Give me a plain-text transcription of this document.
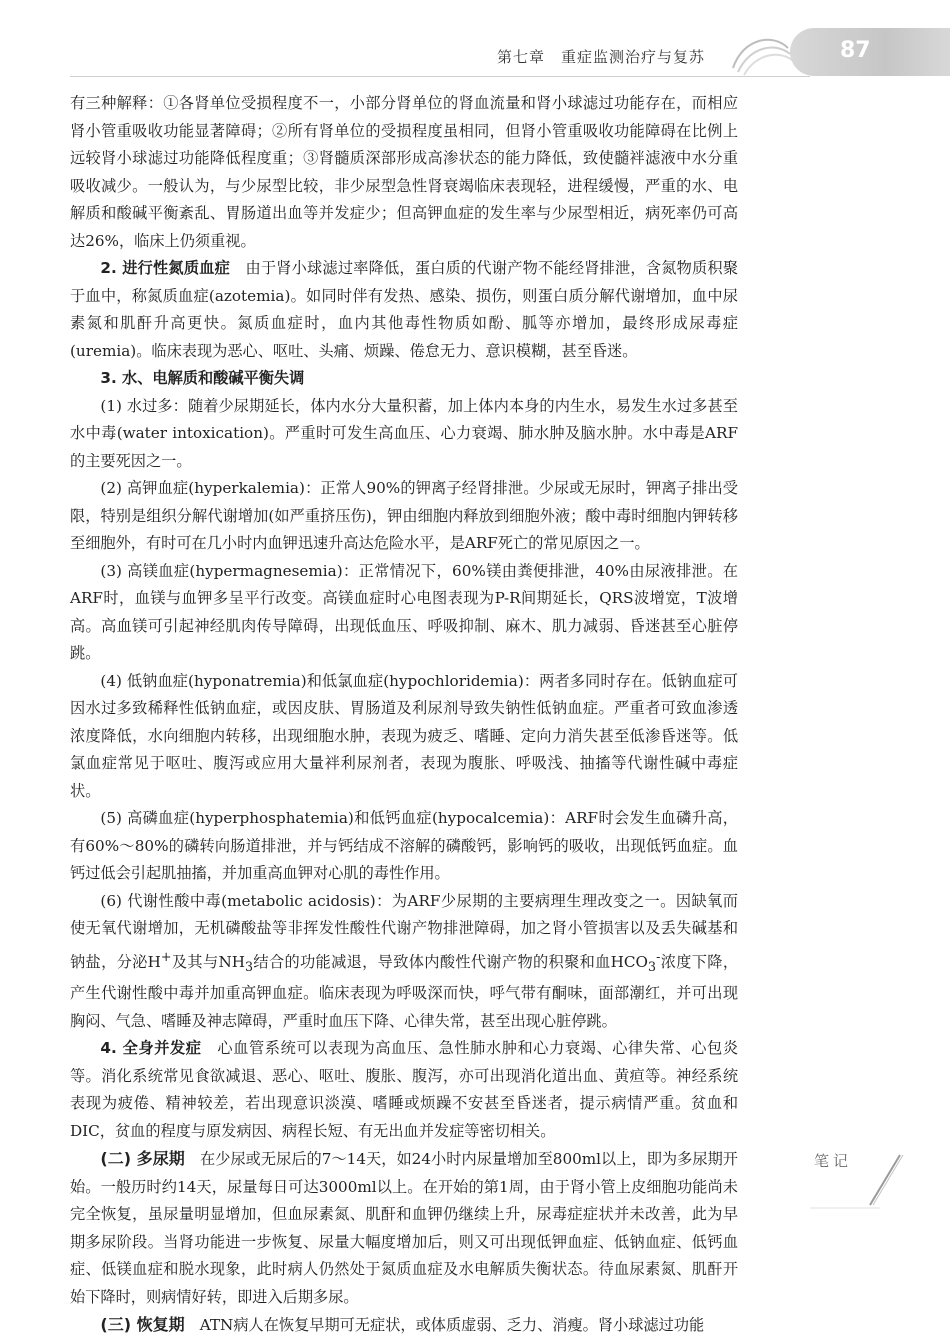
87
第七章　重症监测治疗与复苏

有三种解释：①各肾单位受损程度不一，小部分肾单位的肾血流量和肾小球滤过功能存在，而相应肾小管重吸收功能显著障碍；②所有肾单位的受损程度虽相同，但肾小管重吸收功能障碍在比例上远较肾小球滤过功能降低程度重；③肾髓质深部形成高渗状态的能力降低，致使髓袢滤液中水分重吸收减少。一般认为，与少尿型比较，非少尿型急性肾衰竭临床表现轻，进程缓慢，严重的水、电解质和酸碱平衡紊乱、胃肠道出血等并发症少；但高钾血症的发生率与少尿型相近，病死率仍可高达26%，临床上仍须重视。

2. 进行性氮质血症　 由于肾小球滤过率降低，蛋白质的代谢产物不能经肾排泄，含氮物质积聚于血中，称氮质血症(azotemia)。如同时伴有发热、感染、损伤，则蛋白质分解代谢增加，血中尿素氮和肌酐升高更快。氮质血症时，血内其他毒性物质如酚、胍等亦增加，最终形成尿毒症(uremia)。临床表现为恶心、呕吐、头痛、烦躁、倦怠无力、意识模糊，甚至昏迷。

3. 水、电解质和酸碱平衡失调

(1) 水过多：随着少尿期延长，体内水分大量积蓄，加上体内本身的内生水，易发生水过多甚至水中毒(water intoxication)。严重时可发生高血压、心力衰竭、肺水肿及脑水肿。水中毒是ARF的主要死因之一。

(2) 高钾血症(hyperkalemia)：正常人90%的钾离子经肾排泄。少尿或无尿时，钾离子排出受限，特别是组织分解代谢增加(如严重挤压伤)，钾由细胞内释放到细胞外液；酸中毒时细胞内钾转移至细胞外，有时可在几小时内血钾迅速升高达危险水平，是ARF死亡的常见原因之一。

(3) 高镁血症(hypermagnesemia)：正常情况下，60%镁由粪便排泄，40%由尿液排泄。在ARF时，血镁与血钾多呈平行改变。高镁血症时心电图表现为P-R间期延长，QRS波增宽，T波增高。高血镁可引起神经肌肉传导障碍，出现低血压、呼吸抑制、麻木、肌力减弱、昏迷甚至心脏停跳。

(4) 低钠血症(hyponatremia)和低氯血症(hypochloridemia)：两者多同时存在。低钠血症可因水过多致稀释性低钠血症，或因皮肤、胃肠道及利尿剂导致失钠性低钠血症。严重者可致血渗透浓度降低，水向细胞内转移，出现细胞水肿，表现为疲乏、嗜睡、定向力消失甚至低渗昏迷等。低氯血症常见于呕吐、腹泻或应用大量袢利尿剂者，表现为腹胀、呼吸浅、抽搐等代谢性碱中毒症状。

(5) 高磷血症(hyperphosphatemia)和低钙血症(hypocalcemia)：ARF时会发生血磷升高，有60%～80%的磷转向肠道排泄，并与钙结成不溶解的磷酸钙，影响钙的吸收，出现低钙血症。血钙过低会引起肌抽搐，并加重高血钾对心肌的毒性作用。

(6) 代谢性酸中毒(metabolic acidosis)：为ARF少尿期的主要病理生理改变之一。因缺氧而使无氧代谢增加，无机磷酸盐等非挥发性酸性代谢产物排泄障碍，加之肾小管损害以及丢失碱基和钠盐，分泌H+及其与$NH_3$结合的功能减退，导致体内酸性代谢产物的积聚和血$HCO_3^-$浓度下降，产生代谢性酸中毒并加重高钾血症。临床表现为呼吸深而快，呼气带有酮味，面部潮红，并可出现胸闷、气急、嗜睡及神志障碍，严重时血压下降、心律失常，甚至出现心脏停跳。

4. 全身并发症　 心血管系统可以表现为高血压、急性肺水肿和心力衰竭、心律失常、心包炎等。消化系统常见食欲减退、恶心、呕吐、腹胀、腹泻，亦可出现消化道出血、黄疸等。神经系统表现为疲倦、精神较差，若出现意识淡漠、嗜睡或烦躁不安甚至昏迷者，提示病情严重。贫血和DIC，贫血的程度与原发病因、病程长短、有无出血并发症等密切相关。

(二) 多尿期　 在少尿或无尿后的7～14天，如24小时内尿量增加至800ml以上，即为多尿期开始。一般历时约14天，尿量每日可达3000ml以上。在开始的第1周，由于肾小管上皮细胞功能尚未完全恢复，虽尿量明显增加，但血尿素氮、肌酐和血钾仍继续上升，尿毒症症状并未改善，此为早期多尿阶段。当肾功能进一步恢复、尿量大幅度增加后，则又可出现低钾血症、低钠血症、低钙血症、低镁血症和脱水现象，此时病人仍然处于氮质血症及水电解质失衡状态。待血尿素氮、肌酐开始下降时，则病情好转，即进入后期多尿。

(三) 恢复期　 ATN病人在恢复早期可无症状，或体质虚弱、乏力、消瘦。肾小球滤过功能

笔记
